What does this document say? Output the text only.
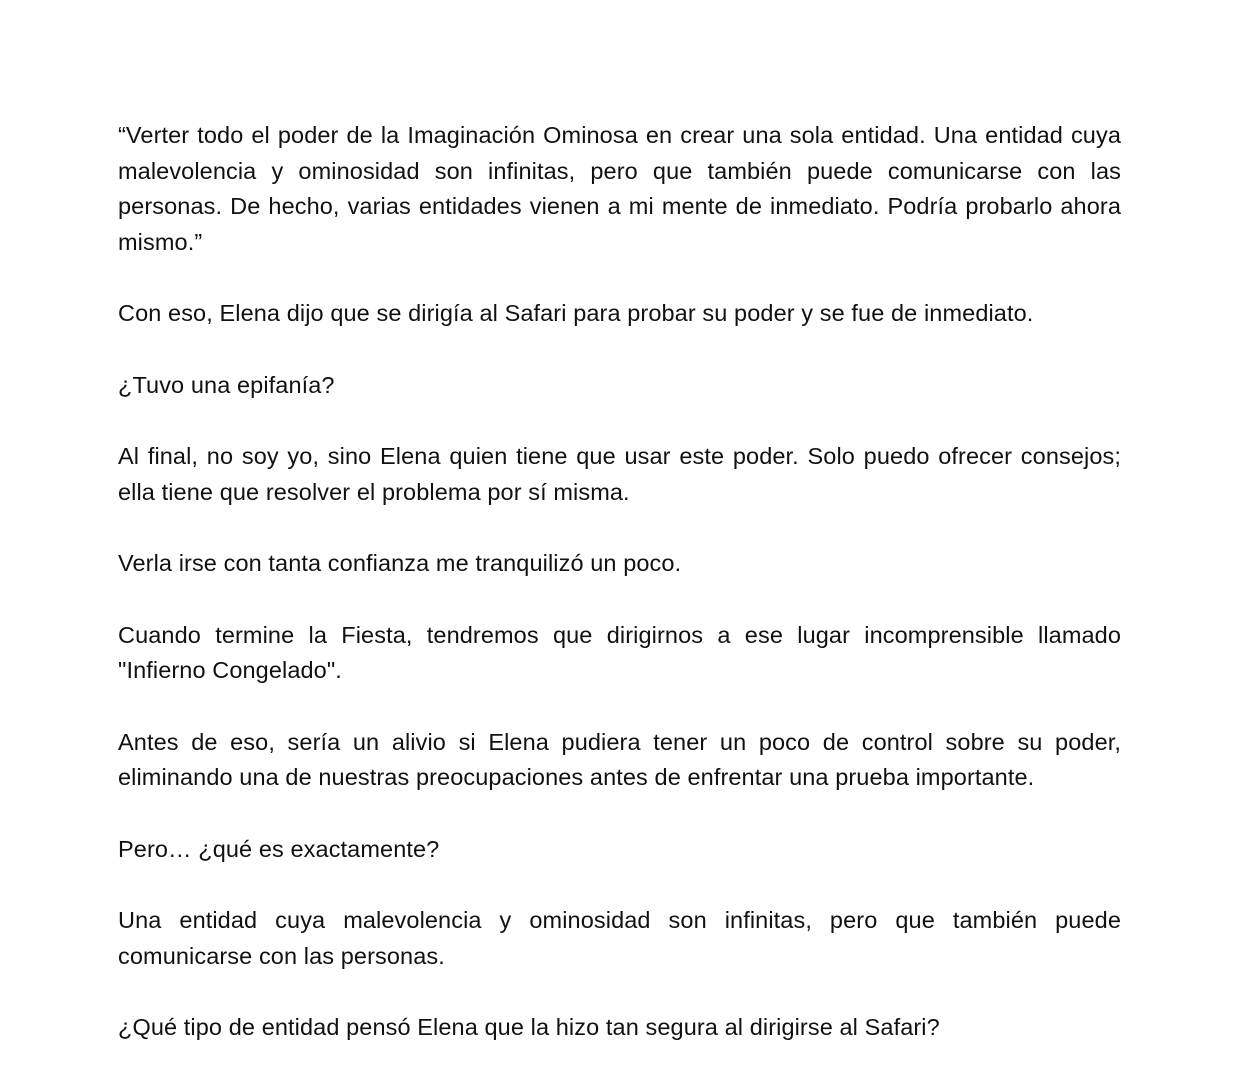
“Verter todo el poder de la Imaginación Ominosa en crear una sola entidad. Una entidad cuya malevolencia y ominosidad son infinitas, pero que también puede comunicarse con las personas. De hecho, varias entidades vienen a mi mente de inmediato. Podría probarlo ahora mismo.”

Con eso, Elena dijo que se dirigía al Safari para probar su poder y se fue de inmediato.

¿Tuvo una epifanía?

Al final, no soy yo, sino Elena quien tiene que usar este poder. Solo puedo ofrecer consejos; ella tiene que resolver el problema por sí misma.

Verla irse con tanta confianza me tranquilizó un poco.

Cuando termine la Fiesta, tendremos que dirigirnos a ese lugar incomprensible llamado "Infierno Congelado".

Antes de eso, sería un alivio si Elena pudiera tener un poco de control sobre su poder, eliminando una de nuestras preocupaciones antes de enfrentar una prueba importante.

Pero… ¿qué es exactamente?

Una entidad cuya malevolencia y ominosidad son infinitas, pero que también puede comunicarse con las personas.

¿Qué tipo de entidad pensó Elena que la hizo tan segura al dirigirse al Safari?
